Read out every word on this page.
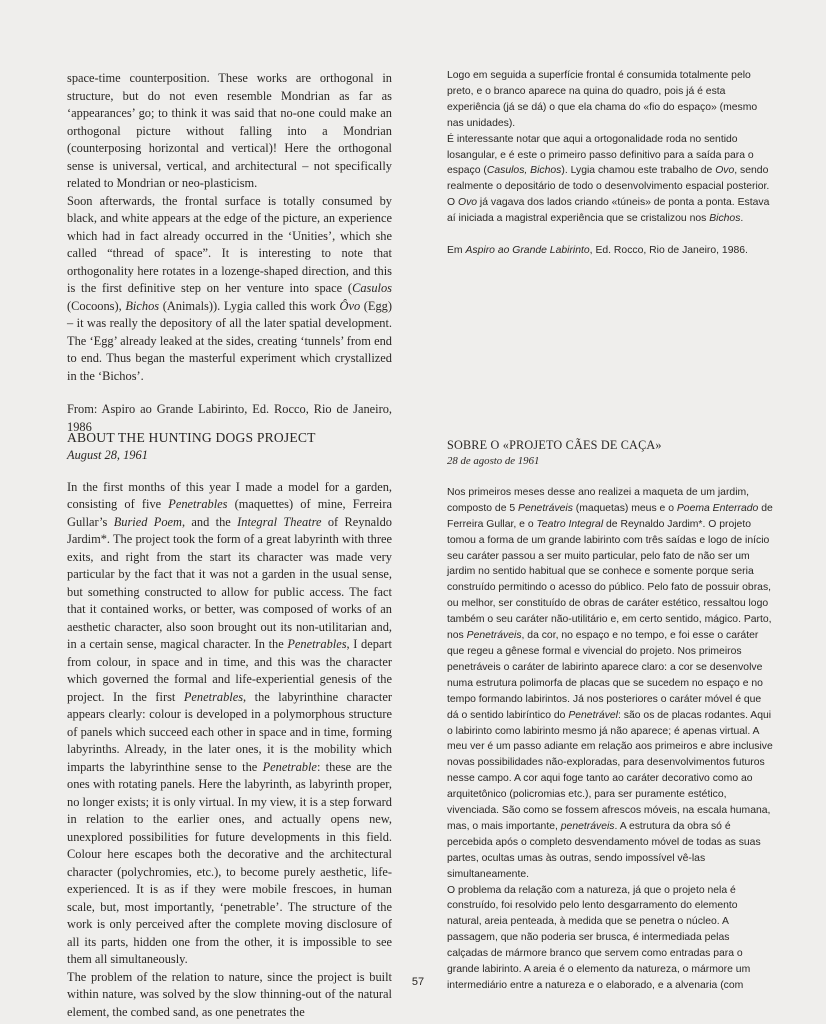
space-time counterposition. These works are orthogonal in structure, but do not even resemble Mondrian as far as ‘appearances’ go; to think it was said that no-one could make an orthogonal picture without falling into a Mondrian (counterposing horizontal and vertical)! Here the orthogonal sense is universal, vertical, and architectural – not specifically related to Mondrian or neo-plasticism.

Soon afterwards, the frontal surface is totally consumed by black, and white appears at the edge of the picture, an experience which had in fact already occurred in the ‘Unities’, which she called “thread of space”. It is interesting to note that orthogonality here rotates in a lozenge-shaped direction, and this is the first definitive step on her venture into space (Casulos (Cocoons), Bichos (Animals)). Lygia called this work Ôvo (Egg) – it was really the depository of all the later spatial development. The ‘Egg’ already leaked at the sides, creating ‘tunnels’ from end to end. Thus began the masterful experiment which crystallized in the ‘Bichos’.

From: Aspiro ao Grande Labirinto, Ed. Rocco, Rio de Janeiro, 1986

Logo em seguida a superfície frontal é consumida totalmente pelo preto, e o branco aparece na quina do quadro, pois já é esta experiência (já se dá) o que ela chama do «fio do espaço» (mesmo nas unidades).

É interessante notar que aqui a ortogonalidade roda no sentido losangular, e é este o primeiro passo definitivo para a saída para o espaço (Casulos, Bichos). Lygia chamou este trabalho de Ovo, sendo realmente o depositário de todo o desenvolvimento espacial posterior. O Ovo já vagava dos lados criando «túneis» de ponta a ponta. Estava aí iniciada a magistral experiência que se cristalizou nos Bichos.

Em Aspiro ao Grande Labirinto, Ed. Rocco, Rio de Janeiro, 1986.

ABOUT THE HUNTING DOGS PROJECT

August 28, 1961

In the first months of this year I made a model for a garden, consisting of five Penetrables (maquettes) of mine, Ferreira Gullar’s Buried Poem, and the Integral Theatre of Reynaldo Jardim*. The project took the form of a great labyrinth with three exits, and right from the start its character was made very particular by the fact that it was not a garden in the usual sense, but something constructed to allow for public access. The fact that it contained works, or better, was composed of works of an aesthetic character, also soon brought out its non-utilitarian and, in a certain sense, magical character. In the Penetrables, I depart from colour, in space and in time, and this was the character which governed the formal and life-experiential genesis of the project. In the first Penetrables, the labyrinthine character appears clearly: colour is developed in a polymorphous structure of panels which succeed each other in space and in time, forming labyrinths. Already, in the later ones, it is the mobility which imparts the labyrinthine sense to the Penetrable: these are the ones with rotating panels. Here the labyrinth, as labyrinth proper, no longer exists; it is only virtual. In my view, it is a step forward in relation to the earlier ones, and actually opens new, unexplored possibilities for future developments in this field. Colour here escapes both the decorative and the architectural character (polychromies, etc.), to become purely aesthetic, life-experienced. It is as if they were mobile frescoes, in human scale, but, most importantly, ‘penetrable’. The structure of the work is only perceived after the complete moving disclosure of all its parts, hidden one from the other, it is impossible to see them all simultaneously.

The problem of the relation to nature, since the project is built within nature, was solved by the slow thinning-out of the natural element, the combed sand, as one penetrates the

SOBRE O «PROJETO CÃES DE CAÇA»

28 de agosto de 1961

Nos primeiros meses desse ano realizei a maqueta de um jardim, composto de 5 Penetráveis (maquetas) meus e o Poema Enterrado de Ferreira Gullar, e o Teatro Integral de Reynaldo Jardim*. O projeto tomou a forma de um grande labirinto com três saídas e logo de início seu caráter passou a ser muito particular, pelo fato de não ser um jardim no sentido habitual que se conhece e somente porque seria construído permitindo o acesso do público. Pelo fato de possuir obras, ou melhor, ser constituído de obras de caráter estético, ressaltou logo também o seu caráter não-utilitário e, em certo sentido, mágico. Parto, nos Penetráveis, da cor, no espaço e no tempo, e foi esse o caráter que regeu a gênese formal e vivencial do projeto. Nos primeiros penetráveis o caráter de labirinto aparece claro: a cor se desenvolve numa estrutura polimorfa de placas que se sucedem no espaço e no tempo formando labirintos. Já nos posteriores o caráter móvel é que dá o sentido labiríntico do Penetrável: são os de placas rodantes. Aqui o labirinto como labirinto mesmo já não aparece; é apenas virtual. A meu ver é um passo adiante em relação aos primeiros e abre inclusive novas possibilidades não-exploradas, para desenvolvimentos futuros nesse campo. A cor aqui foge tanto ao caráter decorativo como ao arquitetônico (policromias etc.), para ser puramente estético, vivenciada. São como se fossem afrescos móveis, na escala humana, mas, o mais importante, penetráveis. A estrutura da obra só é percebida após o completo desvendamento móvel de todas as suas partes, ocultas umas às outras, sendo impossível vê-las simultaneamente.

O problema da relação com a natureza, já que o projeto nela é construído, foi resolvido pelo lento desgarramento do elemento natural, areia penteada, à medida que se penetra o núcleo. A passagem, que não poderia ser brusca, é intermediada pelas calçadas de mármore branco que servem como entradas para o grande labirinto. A areia é o elemento da natureza, o mármore um intermediário entre a natureza e o elaborado, e a alvenaria (com

57
